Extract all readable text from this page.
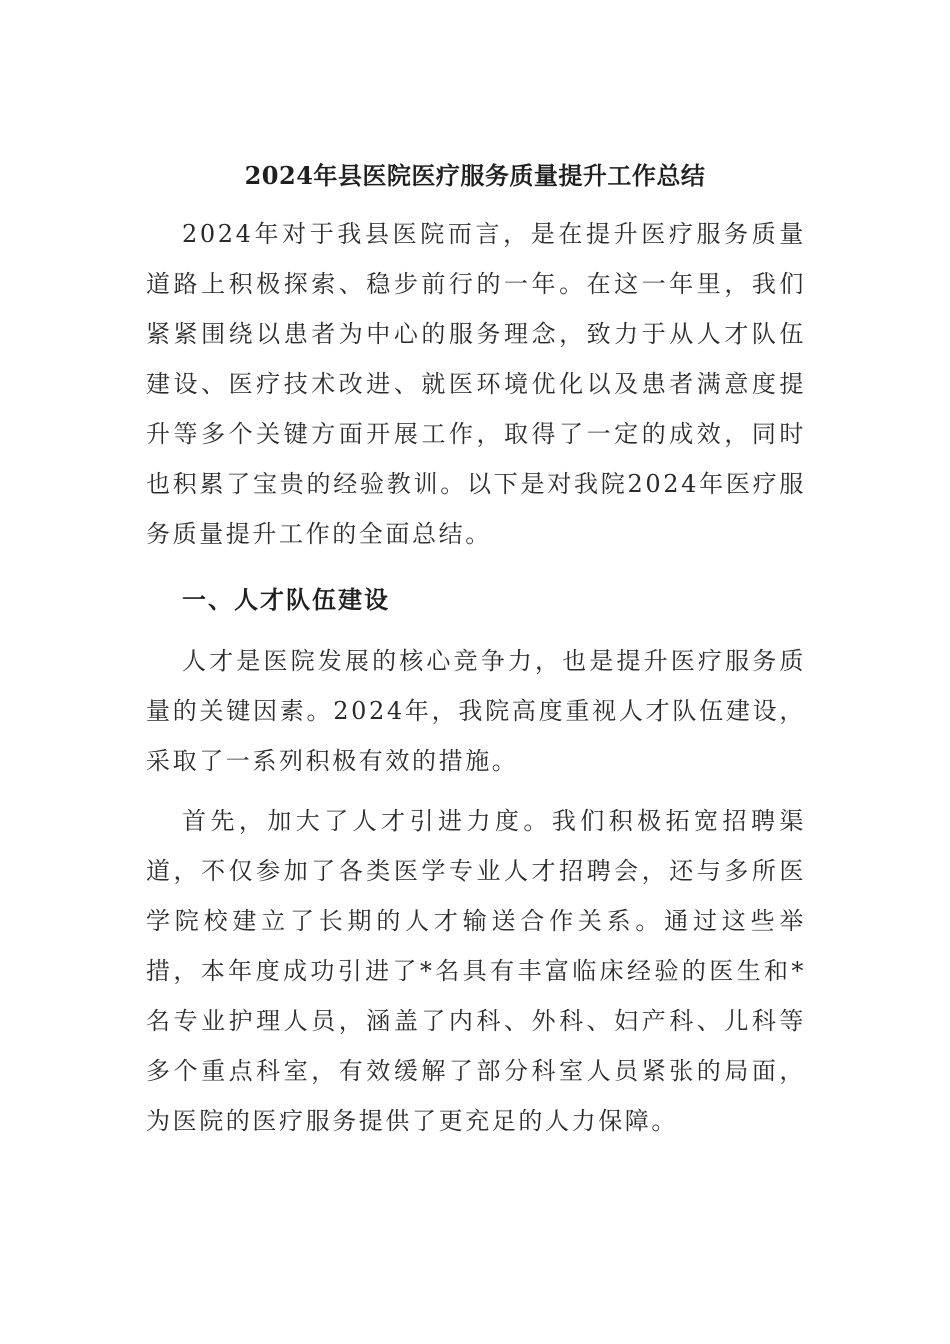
2024年县医院医疗服务质量提升工作总结

2024年对于我县医院而言，是在提升医疗服务质量道路上积极探索、稳步前行的一年。在这一年里，我们紧紧围绕以患者为中心的服务理念，致力于从人才队伍建设、医疗技术改进、就医环境优化以及患者满意度提升等多个关键方面开展工作，取得了一定的成效，同时也积累了宝贵的经验教训。以下是对我院2024年医疗服务质量提升工作的全面总结。

一、人才队伍建设

人才是医院发展的核心竞争力，也是提升医疗服务质量的关键因素。2024年，我院高度重视人才队伍建设，采取了一系列积极有效的措施。

首先，加大了人才引进力度。我们积极拓宽招聘渠道，不仅参加了各类医学专业人才招聘会，还与多所医学院校建立了长期的人才输送合作关系。通过这些举措，本年度成功引进了*名具有丰富临床经验的医生和*名专业护理人员，涵盖了内科、外科、妇产科、儿科等多个重点科室，有效缓解了部分科室人员紧张的局面，为医院的医疗服务提供了更充足的人力保障。
